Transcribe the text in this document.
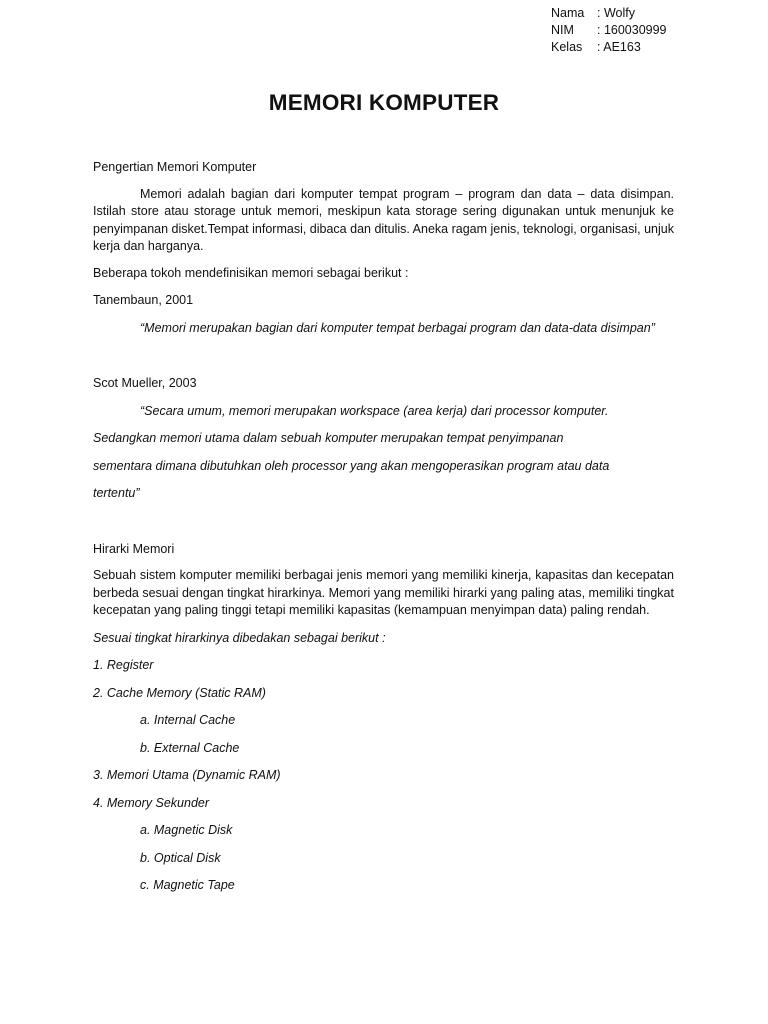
Nama	: Wolfy
NIM	: 160030999
Kelas	: AE163
MEMORI KOMPUTER

Pengertian Memori Komputer

Memori adalah bagian dari komputer tempat program – program dan data – data disimpan. Istilah store atau storage untuk memori, meskipun kata storage sering digunakan untuk menunjuk ke penyimpanan disket.Tempat informasi, dibaca dan ditulis. Aneka ragam jenis, teknologi, organisasi, unjuk kerja dan harganya.

Beberapa tokoh mendefinisikan memori sebagai berikut :

Tanembaun, 2001

“Memori merupakan bagian dari komputer tempat berbagai program dan data-data disimpan”

Scot Mueller, 2003

“Secara umum, memori merupakan workspace (area kerja) dari processor komputer.

Sedangkan memori utama dalam sebuah komputer merupakan tempat penyimpanan

sementara dimana dibutuhkan oleh processor yang akan mengoperasikan program atau data

tertentu”

Hirarki Memori

Sebuah sistem komputer memiliki berbagai jenis memori yang memiliki kinerja, kapasitas dan kecepatan berbeda sesuai dengan tingkat hirarkinya. Memori yang memiliki hirarki yang paling atas, memiliki tingkat kecepatan yang paling tinggi tetapi memiliki kapasitas (kemampuan menyimpan data) paling rendah.

Sesuai tingkat hirarkinya dibedakan sebagai berikut :

1. Register

2. Cache Memory (Static RAM)

a. Internal Cache

b. External Cache

3. Memori Utama (Dynamic RAM)

4. Memory Sekunder

a. Magnetic Disk

b. Optical Disk

c. Magnetic Tape
